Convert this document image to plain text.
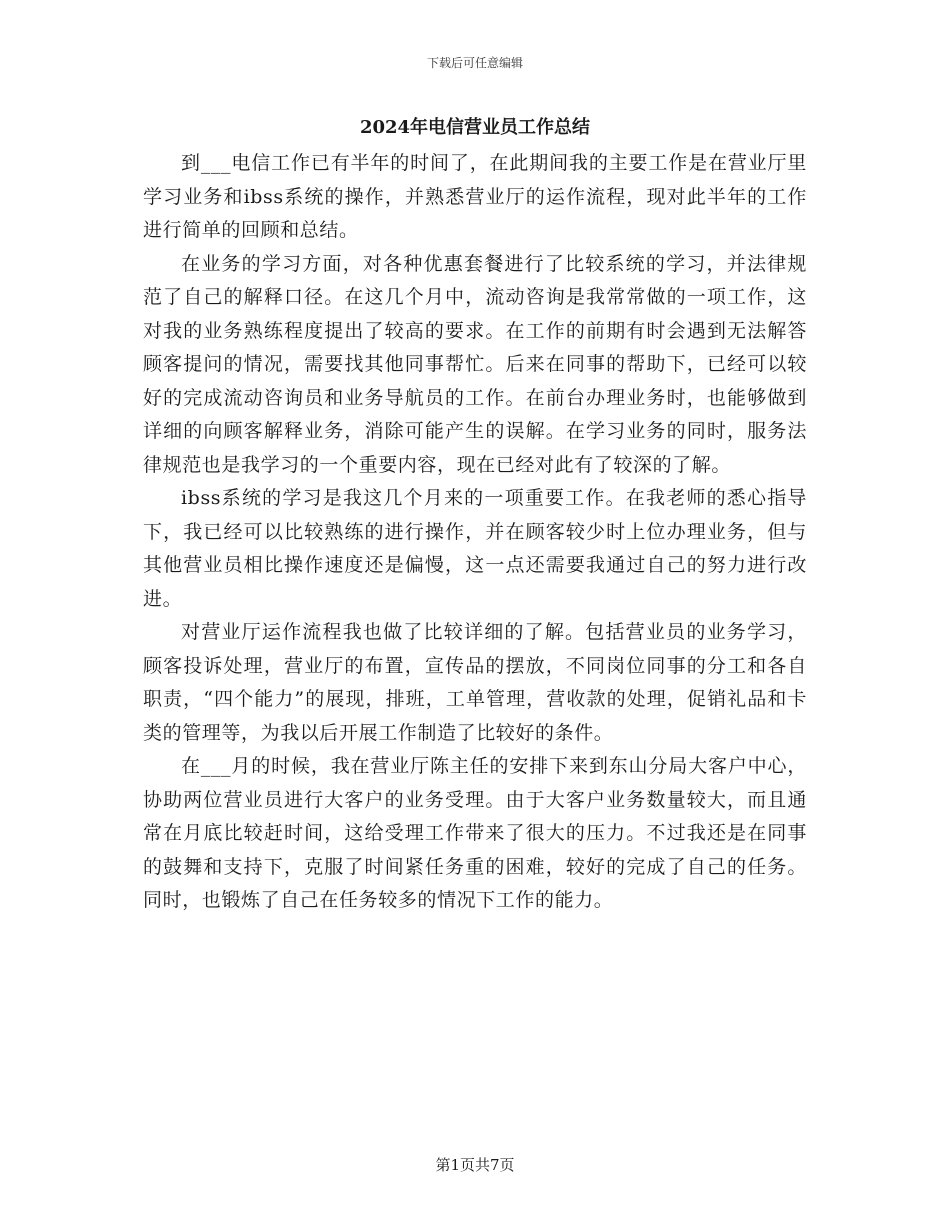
下载后可任意编辑
2024年电信营业员工作总结

到___电信工作已有半年的时间了，在此期间我的主要工作是在营业厅里学习业务和ibss系统的操作，并熟悉营业厅的运作流程，现对此半年的工作进行简单的回顾和总结。

在业务的学习方面，对各种优惠套餐进行了比较系统的学习，并法律规范了自己的解释口径。在这几个月中，流动咨询是我常常做的一项工作，这对我的业务熟练程度提出了较高的要求。在工作的前期有时会遇到无法解答顾客提问的情况，需要找其他同事帮忙。后来在同事的帮助下，已经可以较好的完成流动咨询员和业务导航员的工作。在前台办理业务时，也能够做到详细的向顾客解释业务，消除可能产生的误解。在学习业务的同时，服务法律规范也是我学习的一个重要内容，现在已经对此有了较深的了解。

ibss系统的学习是我这几个月来的一项重要工作。在我老师的悉心指导下，我已经可以比较熟练的进行操作，并在顾客较少时上位办理业务，但与其他营业员相比操作速度还是偏慢，这一点还需要我通过自己的努力进行改进。

对营业厅运作流程我也做了比较详细的了解。包括营业员的业务学习，顾客投诉处理，营业厅的布置，宣传品的摆放，不同岗位同事的分工和各自职责，“四个能力”的展现，排班，工单管理，营收款的处理，促销礼品和卡类的管理等，为我以后开展工作制造了比较好的条件。

在___月的时候，我在营业厅陈主任的安排下来到东山分局大客户中心，协助两位营业员进行大客户的业务受理。由于大客户业务数量较大，而且通常在月底比较赶时间，这给受理工作带来了很大的压力。不过我还是在同事的鼓舞和支持下，克服了时间紧任务重的困难，较好的完成了自己的任务。同时，也锻炼了自己在任务较多的情况下工作的能力。

第1页共7页
